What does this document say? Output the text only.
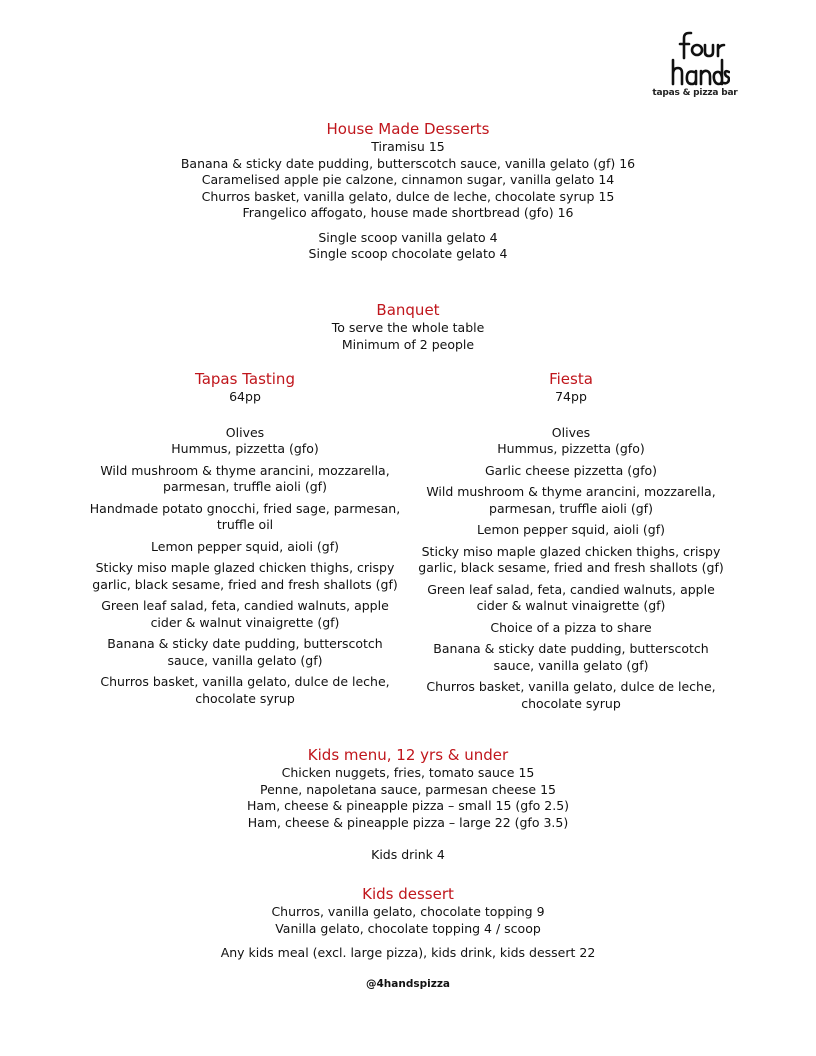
tapas & pizza bar
House Made Desserts
Tiramisu 15
Banana & sticky date pudding, butterscotch sauce, vanilla gelato (gf) 16
Caramelised apple pie calzone, cinnamon sugar, vanilla gelato 14
Churros basket, vanilla gelato, dulce de leche, chocolate syrup 15
Frangelico affogato, house made shortbread (gfo) 16
Single scoop vanilla gelato 4
Single scoop chocolate gelato 4
Banquet
To serve the whole table
Minimum of 2 people
Tapas Tasting
64pp
Olives
Hummus, pizzetta (gfo)
Wild mushroom & thyme arancini, mozzarella,
parmesan, truffle aioli (gf)
Handmade potato gnocchi, fried sage, parmesan,
truffle oil
Lemon pepper squid, aioli (gf)
Sticky miso maple glazed chicken thighs, crispy
garlic, black sesame, fried and fresh shallots (gf)
Green leaf salad, feta, candied walnuts, apple
cider & walnut vinaigrette (gf)
Banana & sticky date pudding, butterscotch
sauce, vanilla gelato (gf)
Churros basket, vanilla gelato, dulce de leche,
chocolate syrup
Fiesta
74pp
Olives
Hummus, pizzetta (gfo)
Garlic cheese pizzetta (gfo)
Wild mushroom & thyme arancini, mozzarella,
parmesan, truffle aioli (gf)
Lemon pepper squid, aioli (gf)
Sticky miso maple glazed chicken thighs, crispy
garlic, black sesame, fried and fresh shallots (gf)
Green leaf salad, feta, candied walnuts, apple
cider & walnut vinaigrette (gf)
Choice of a pizza to share
Banana & sticky date pudding, butterscotch
sauce, vanilla gelato (gf)
Churros basket, vanilla gelato, dulce de leche,
chocolate syrup
Kids menu, 12 yrs & under
Chicken nuggets, fries, tomato sauce 15
Penne, napoletana sauce, parmesan cheese 15
Ham, cheese & pineapple pizza – small 15 (gfo 2.5)
Ham, cheese & pineapple pizza – large 22 (gfo 3.5)
Kids drink 4
Kids dessert
Churros, vanilla gelato, chocolate topping 9
Vanilla gelato, chocolate topping 4 / scoop
Any kids meal (excl. large pizza), kids drink, kids dessert 22
@4handspizza
